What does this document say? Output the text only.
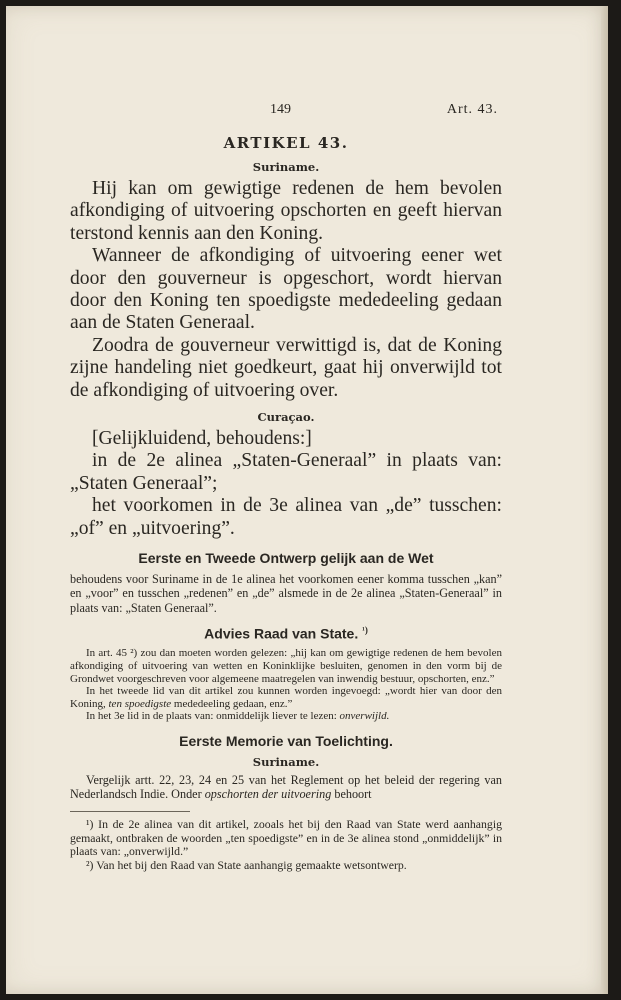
149	Art. 43.
ARTIKEL 43.
Suriname.

Hij kan om gewigtige redenen de hem bevolen afkondiging of uitvoering opschorten en geeft hiervan terstond kennis aan den Koning.

Wanneer de afkondiging of uitvoering eener wet door den gouverneur is opgeschort, wordt hiervan door den Koning ten spoedigste mededeeling gedaan aan de Staten Generaal.

Zoodra de gouverneur verwittigd is, dat de Koning zijne handeling niet goedkeurt, gaat hij onverwijld tot de afkondiging of uitvoering over.

Curaçao.

[Gelijkluidend, behoudens:]

in de 2e alinea „Staten-Generaal” in plaats van: „Staten Generaal”;

het voorkomen in de 3e alinea van „de” tusschen: „of” en „uitvoering”.

Eerste en Tweede Ontwerp gelijk aan de Wet

behoudens voor Suriname in de 1e alinea het voorkomen eener komma tusschen „kan” en „voor” en tusschen „redenen” en „de” alsmede in de 2e alinea „Staten-Generaal” in plaats van: „Staten Generaal”.

Advies Raad van State. $^{^1)}$

In art. 45 ²) zou dan moeten worden gelezen: „hij kan om gewigtige redenen de hem bevolen afkondiging of uitvoering van wetten en Koninklijke besluiten, genomen in den vorm bij de Grondwet voorgeschreven voor algemeene maatregelen van inwendig bestuur, opschorten, enz.”

In het tweede lid van dit artikel zou kunnen worden ingevoegd: „wordt hier van door den Koning, ten spoedigste mededeeling gedaan, enz.”

In het 3e lid in de plaats van: onmiddelijk liever te lezen: onverwijld.

Eerste Memorie van Toelichting.
Suriname.

Vergelijk artt. 22, 23, 24 en 25 van het Reglement op het beleid der regering van Nederlandsch Indie. Onder opschorten der uitvoering behoort

¹) In de 2e alinea van dit artikel, zooals het bij den Raad van State werd aanhangig gemaakt, ontbraken de woorden „ten spoedigste” en in de 3e alinea stond „onmiddelijk” in plaats van: „onverwijld.”

²) Van het bij den Raad van State aanhangig gemaakte wetsontwerp.
